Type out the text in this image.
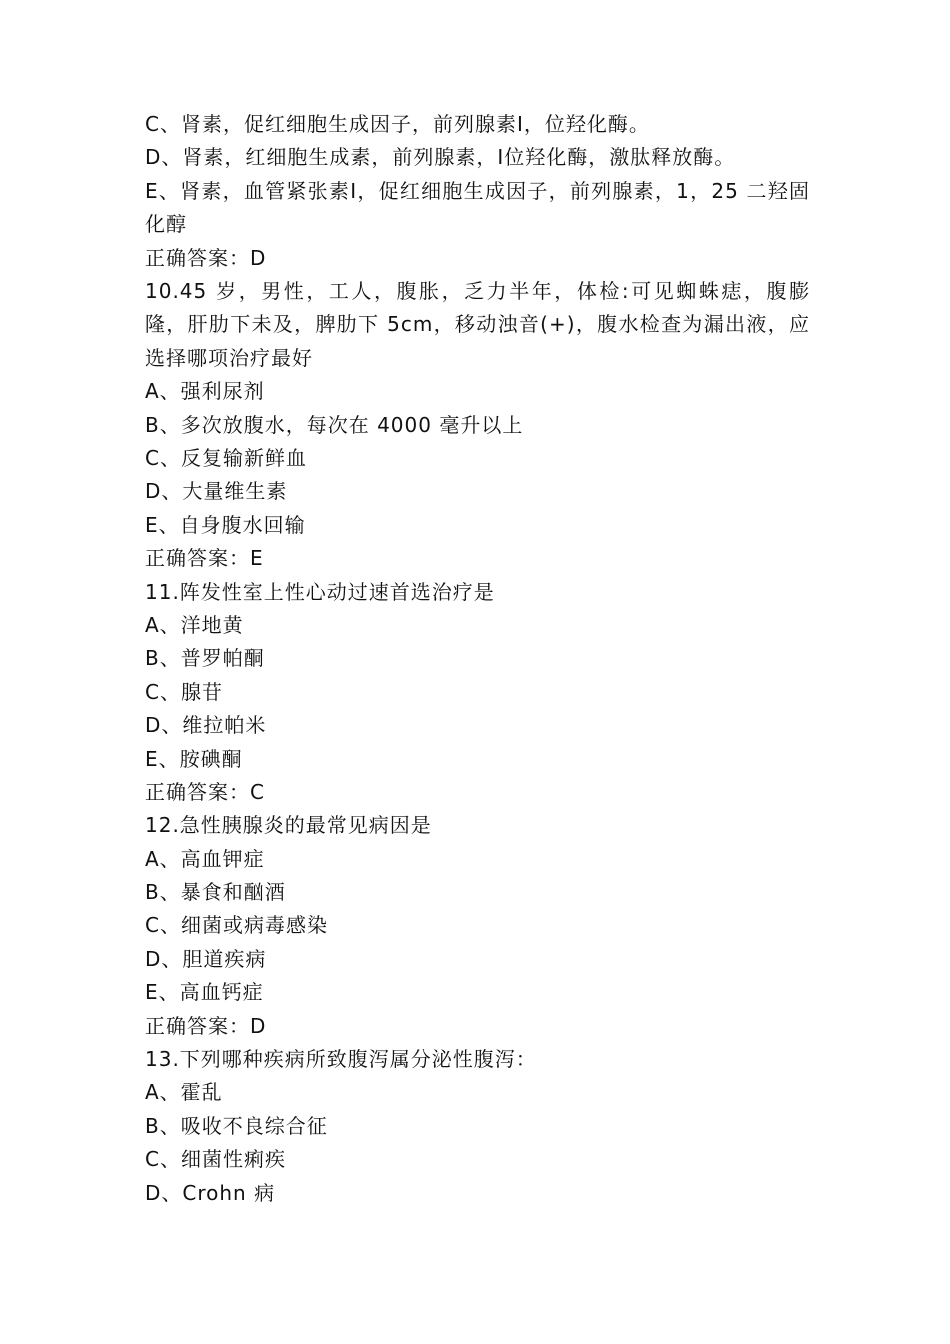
C、肾素，促红细胞生成因子，前列腺素Ⅰ，位羟化酶。
D、肾素，红细胞生成素，前列腺素，Ⅰ位羟化酶，激肽释放酶。
E、肾素，血管紧张素Ⅰ，促红细胞生成因子，前列腺素，1，25 二羟固化醇
正确答案：D
10.45 岁，男性，工人，腹胀，乏力半年，体检:可见蜘蛛痣，腹膨隆，肝肋下未及，脾肋下 5cm，移动浊音(+)，腹水检查为漏出液，应选择哪项治疗最好
A、强利尿剂
B、多次放腹水，每次在 4000 毫升以上
C、反复输新鲜血
D、大量维生素
E、自身腹水回输
正确答案：E
11.阵发性室上性心动过速首选治疗是
A、洋地黄
B、普罗帕酮
C、腺苷
D、维拉帕米
E、胺碘酮
正确答案：C
12.急性胰腺炎的最常见病因是
A、高血钾症
B、暴食和酗酒
C、细菌或病毒感染
D、胆道疾病
E、高血钙症
正确答案：D
13.下列哪种疾病所致腹泻属分泌性腹泻：
A、霍乱
B、吸收不良综合征
C、细菌性痢疾
D、Crohn 病
